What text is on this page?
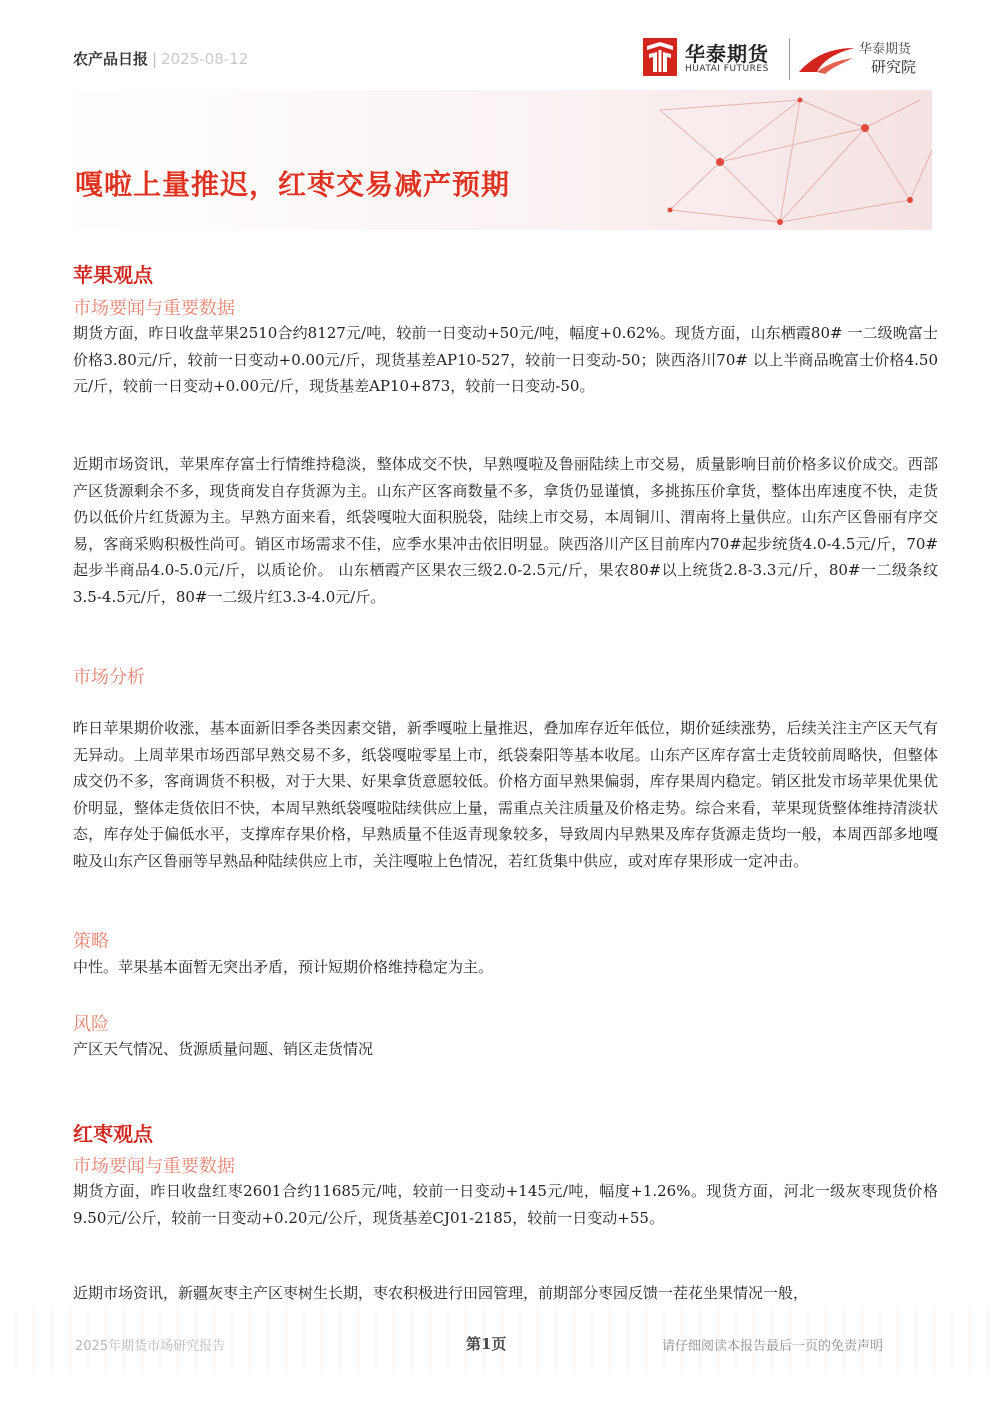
农产品日报 | 2025-08-12	华泰期货
HUATAI FUTURES
华泰期货
研究院
嘎啦上量推迟，红枣交易减产预期
苹果观点
市场要闻与重要数据

期货方面，昨日收盘苹果2510合约8127元/吨，较前一日变动+50元/吨，幅度+0.62%。现货方面，山东栖霞80# 一二级晚富士价格3.80元/斤，较前一日变动+0.00元/斤，现货基差AP10-527，较前一日变动-50；陕西洛川70# 以上半商品晚富士价格4.50元/斤，较前一日变动+0.00元/斤，现货基差AP10+873，较前一日变动-50。

近期市场资讯，苹果库存富士行情维持稳淡，整体成交不快，早熟嘎啦及鲁丽陆续上市交易，质量影响目前价格多议价成交。西部产区货源剩余不多，现货商发自存货源为主。山东产区客商数量不多，拿货仍显谨慎，多挑拣压价拿货，整体出库速度不快，走货仍以低价片红货源为主。早熟方面来看，纸袋嘎啦大面积脱袋，陆续上市交易，本周铜川、渭南将上量供应。山东产区鲁丽有序交易，客商采购积极性尚可。销区市场需求不佳，应季水果冲击依旧明显。陕西洛川产区目前库内70#起步统货4.0-4.5元/斤，70#起步半商品4.0-5.0元/斤，以质论价。 山东栖霞产区果农三级2.0-2.5元/斤，果农80#以上统货2.8-3.3元/斤，80#一二级条纹3.5-4.5元/斤，80#一二级片红3.3-4.0元/斤。

市场分析

昨日苹果期价收涨，基本面新旧季各类因素交错，新季嘎啦上量推迟，叠加库存近年低位，期价延续涨势，后续关注主产区天气有无异动。上周苹果市场西部早熟交易不多，纸袋嘎啦零星上市，纸袋秦阳等基本收尾。山东产区库存富士走货较前周略快，但整体成交仍不多，客商调货不积极，对于大果、好果拿货意愿较低。价格方面早熟果偏弱，库存果周内稳定。销区批发市场苹果优果优价明显，整体走货依旧不快，本周早熟纸袋嘎啦陆续供应上量，需重点关注质量及价格走势。综合来看，苹果现货整体维持清淡状态，库存处于偏低水平，支撑库存果价格，早熟质量不佳返青现象较多，导致周内早熟果及库存货源走货均一般，本周西部多地嘎啦及山东产区鲁丽等早熟品种陆续供应上市，关注嘎啦上色情况，若红货集中供应，或对库存果形成一定冲击。

策略

中性。苹果基本面暂无突出矛盾，预计短期价格维持稳定为主。

风险

产区天气情况、货源质量问题、销区走货情况

红枣观点
市场要闻与重要数据

期货方面，昨日收盘红枣2601合约11685元/吨，较前一日变动+145元/吨，幅度+1.26%。现货方面，河北一级灰枣现货价格9.50元/公斤，较前一日变动+0.20元/公斤，现货基差CJ01-2185，较前一日变动+55。

近期市场资讯，新疆灰枣主产区枣树生长期，枣农积极进行田园管理，前期部分枣园反馈一茬花坐果情况一般，

2025年期货市场研究报告	第1页	请仔细阅读本报告最后一页的免责声明
